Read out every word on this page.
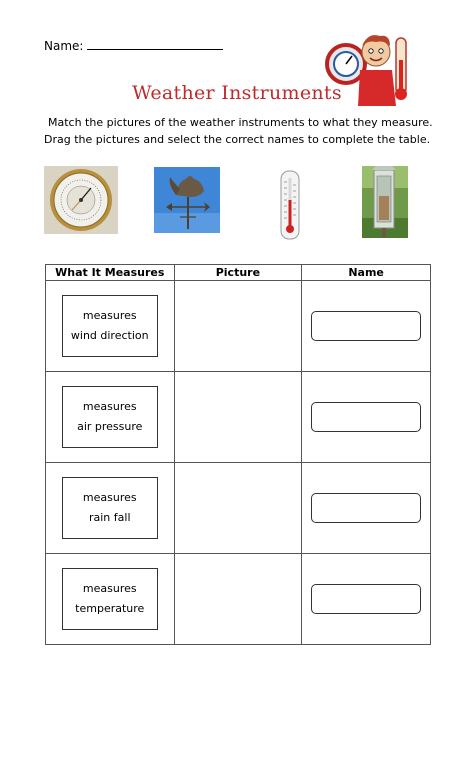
Name:
Weather Instruments
Match the pictures of the weather instruments to what they measure.
Drag the pictures and select the correct names to complete the table.
What It Measures	Picture	Name

measures
wind direction		

measures
air pressure		

measures
rain fall		

measures
temperature		
